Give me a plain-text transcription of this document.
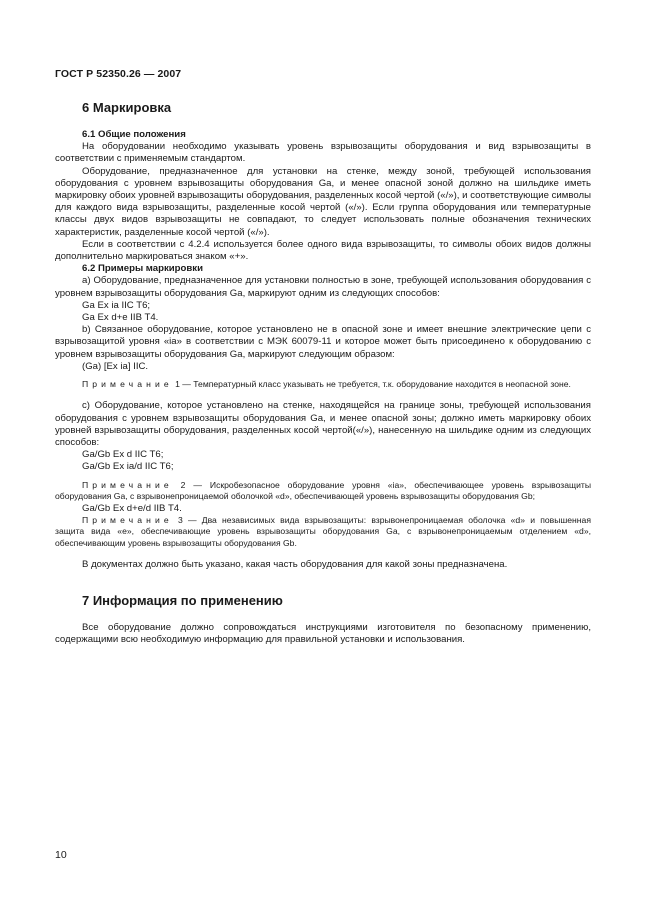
ГОСТ Р 52350.26 — 2007
6 Маркировка
6.1 Общие положения

На оборудовании необходимо указывать уровень взрывозащиты оборудования и вид взрывозащиты в соответствии с применяемым стандартом.

Оборудование, предназначенное для установки на стенке, между зоной, требующей использования оборудования с уровнем взрывозащиты оборудования Ga, и менее опасной зоной должно на шильдике иметь маркировку обоих уровней взрывозащиты оборудования, разделенных косой чертой («/»), и соответствующие символы для каждого вида взрывозащиты, разделенные косой чертой («/»). Если группа оборудования или температурные классы двух видов взрывозащиты не совпадают, то следует использовать полные обозначения технических характеристик, разделенные косой чертой («/»).

Если в соответствии с 4.2.4 используется более одного вида взрывозащиты, то символы обоих видов должны дополнительно маркироваться знаком «+».

6.2 Примеры маркировки

а) Оборудование, предназначенное для установки полностью в зоне, требующей использования оборудования с уровнем взрывозащиты оборудования Ga, маркируют одним из следующих способов:

Ga Ex ia IIC T6;
Ga Ex d+e IIB T4.

b) Связанное оборудование, которое установлено не в опасной зоне и имеет внешние электрические цепи с взрывозащитой уровня «ia» в соответствии с МЭК 60079-11 и которое может быть присоединено к оборудованию с уровнем взрывозащиты оборудования Ga, маркируют следующим образом:

(Ga) [Ex ia] IIC.

Примечание 1 — Температурный класс указывать не требуется, т.к. оборудование находится в неопасной зоне.

с) Оборудование, которое установлено на стенке, находящейся на границе зоны, требующей использования оборудования с уровнем взрывозащиты оборудования Ga, и менее опасной зоны; должно иметь маркировку обоих уровней взрывозащиты оборудования, разделенных косой чертой(«/»), нанесенную на шильдике одним из следующих способов:

Ga/Gb Ex d IIC T6;
Ga/Gb Ex ia/d IIC T6;

Примечание 2 — Искробезопасное оборудование уровня «ia», обеспечивающее уровень взрывозащиты оборудования Ga, с взрывонепроницаемой оболочкой «d», обеспечивающей уровень взрывозащиты оборудования Gb;

Ga/Gb Ex d+e/d IIB T4.

Примечание 3 — Два независимых вида взрывозащиты: взрывонепроницаемая оболочка «d» и повышенная защита вида «e», обеспечивающие уровень взрывозащиты оборудования Ga, с взрывонепроницаемым отделением «d», обеспечивающим уровень взрывозащиты оборудования Gb.

В документах должно быть указано, какая часть оборудования для какой зоны предназначена.

7 Информация по применению

Все оборудование должно сопровождаться инструкциями изготовителя по безопасному применению, содержащими всю необходимую информацию для правильной установки и использования.

10
